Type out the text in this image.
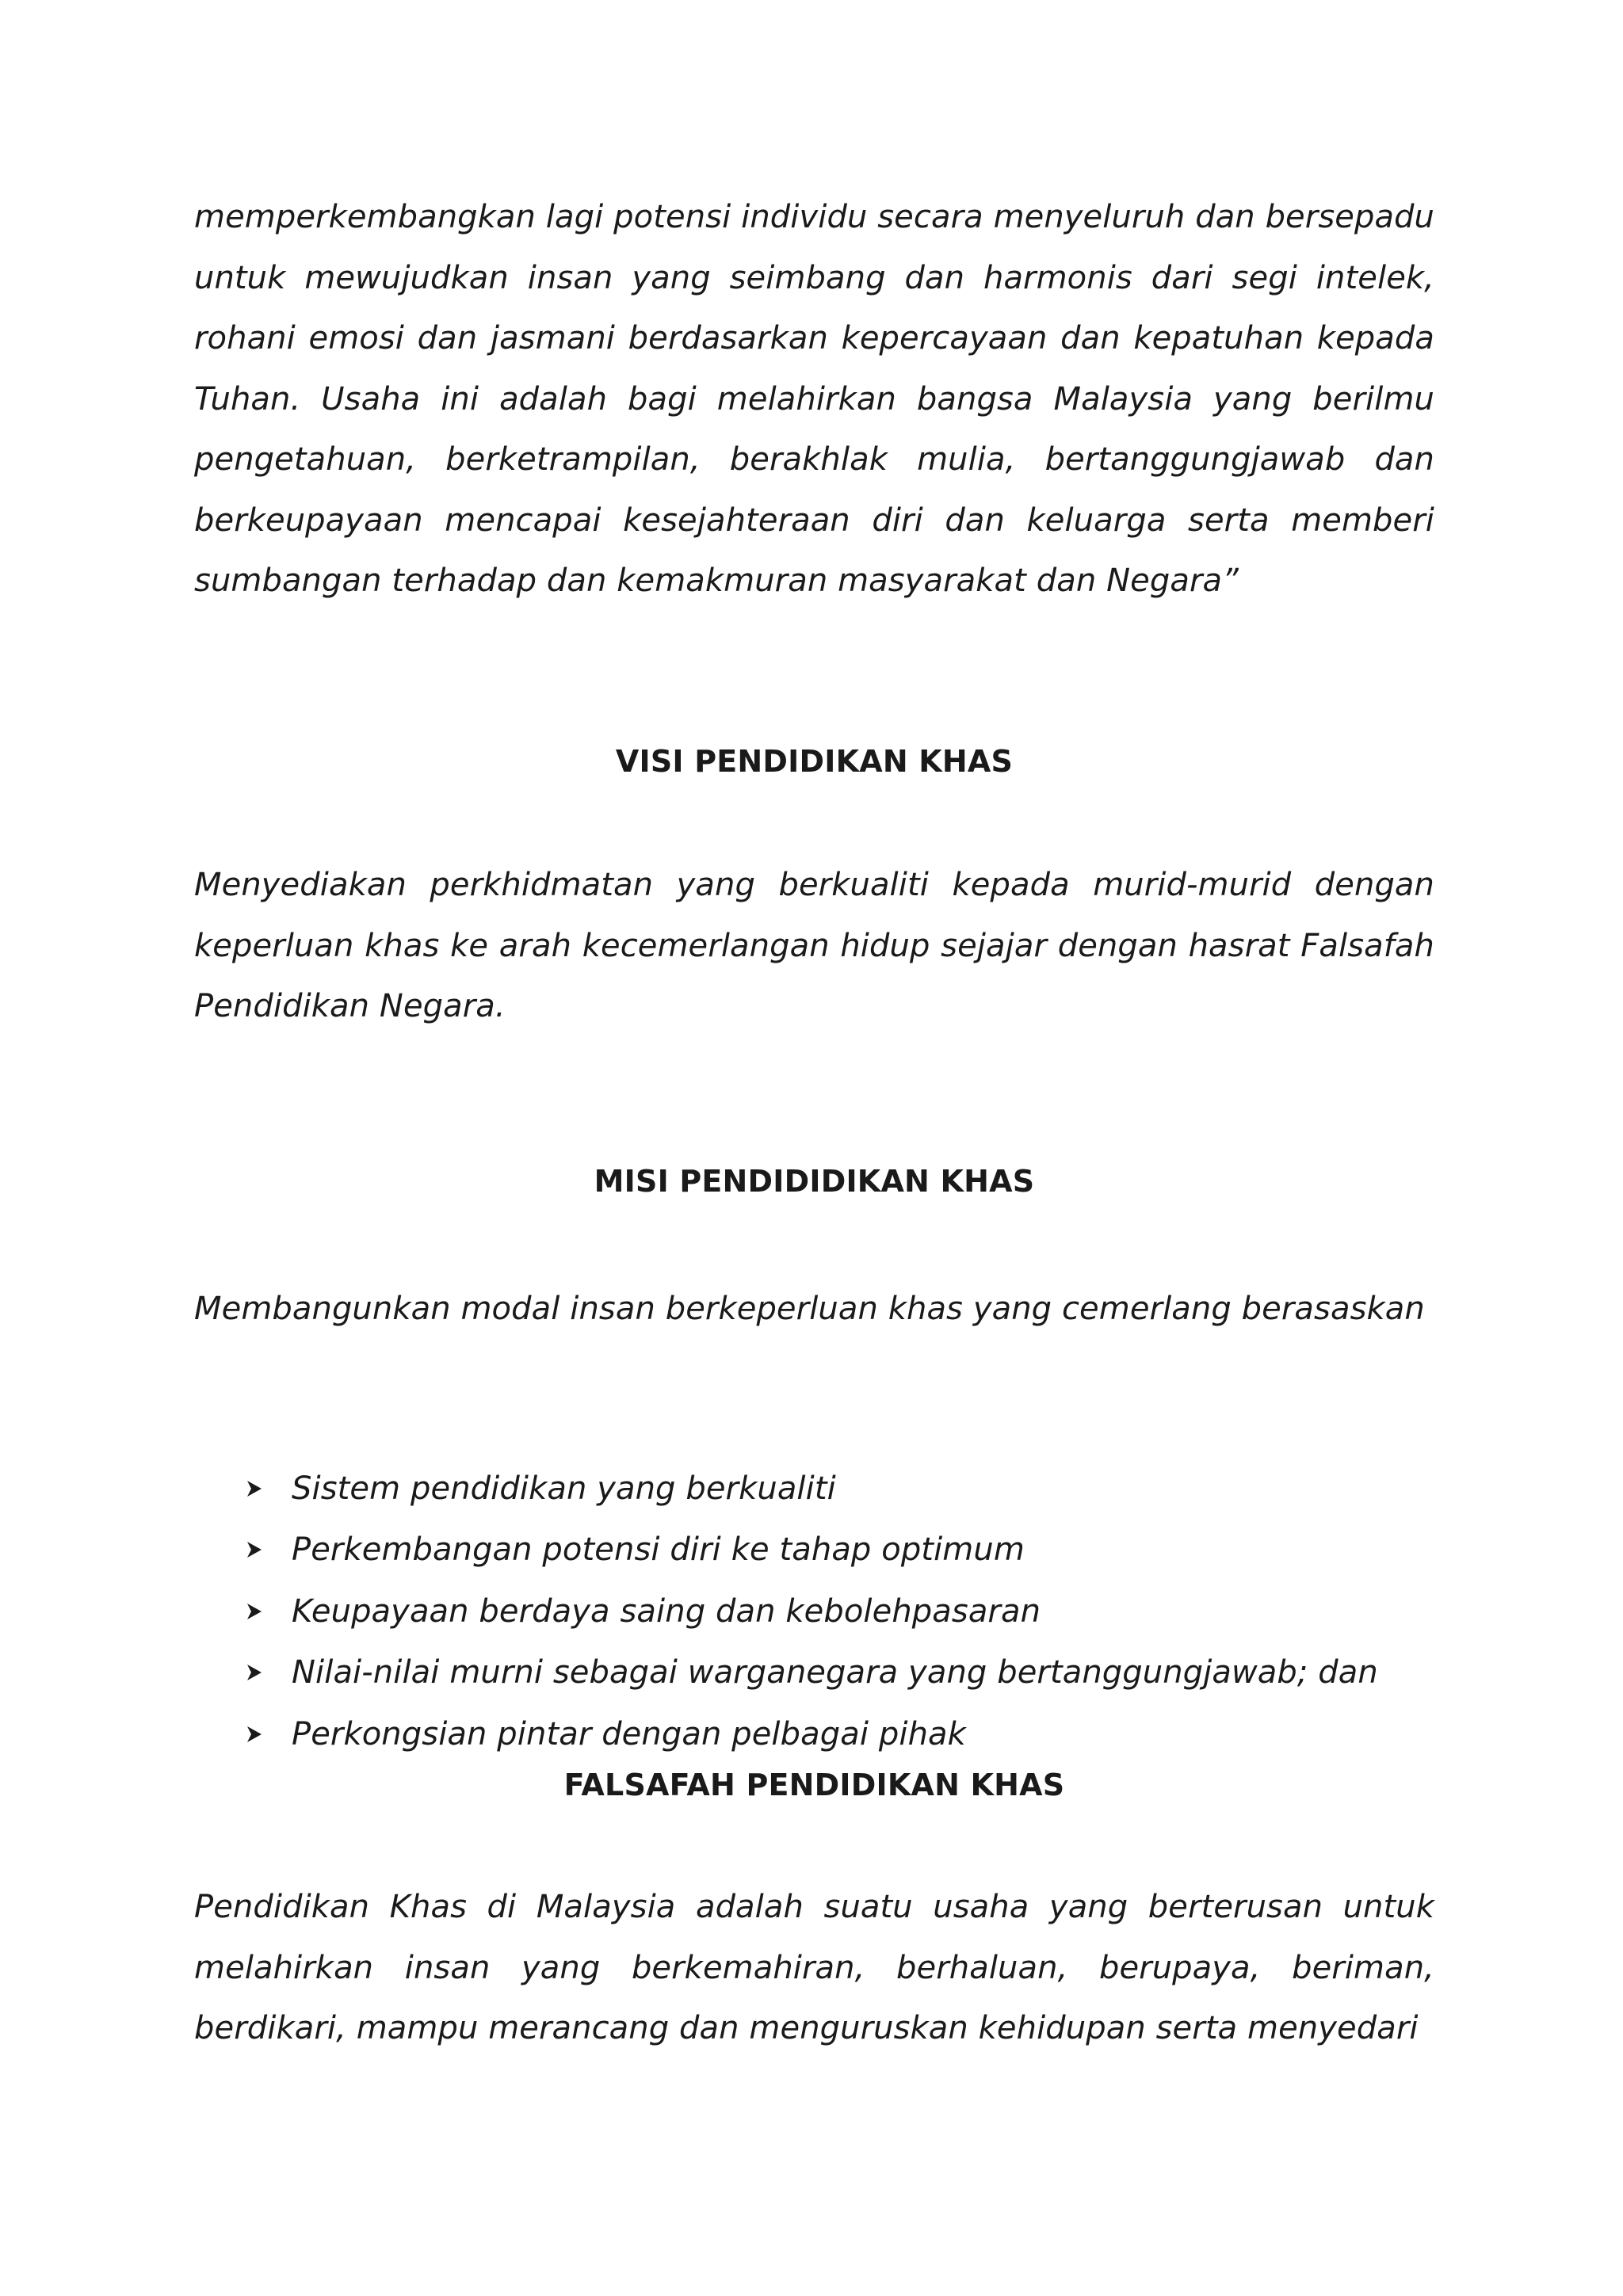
memperkembangkan lagi potensi individu secara menyeluruh dan bersepadu untuk mewujudkan insan yang seimbang dan harmonis dari segi intelek, rohani emosi dan jasmani berdasarkan kepercayaan dan kepatuhan kepada Tuhan. Usaha ini adalah bagi melahirkan bangsa Malaysia yang berilmu pengetahuan, berketrampilan, berakhlak mulia, bertanggungjawab dan berkeupayaan mencapai kesejahteraan diri dan keluarga serta memberi sumbangan terhadap dan kemakmuran masyarakat dan Negara”

VISI PENDIDIKAN KHAS

Menyediakan perkhidmatan yang berkualiti kepada murid-murid dengan keperluan khas ke arah kecemerlangan hidup sejajar dengan hasrat Falsafah Pendidikan Negara.

MISI PENDIDIDIKAN KHAS

Membangunkan modal insan berkeperluan khas yang cemerlang berasaskan

Sistem pendidikan yang berkualiti
Perkembangan potensi diri ke tahap optimum
Keupayaan berdaya saing dan kebolehpasaran
Nilai-nilai murni sebagai warganegara yang bertanggungjawab; dan
Perkongsian pintar dengan pelbagai pihak
FALSAFAH PENDIDIKAN KHAS

Pendidikan Khas di Malaysia adalah suatu usaha yang berterusan untuk melahirkan insan yang berkemahiran, berhaluan, berupaya, beriman, berdikari, mampu merancang dan menguruskan kehidupan serta menyedari
